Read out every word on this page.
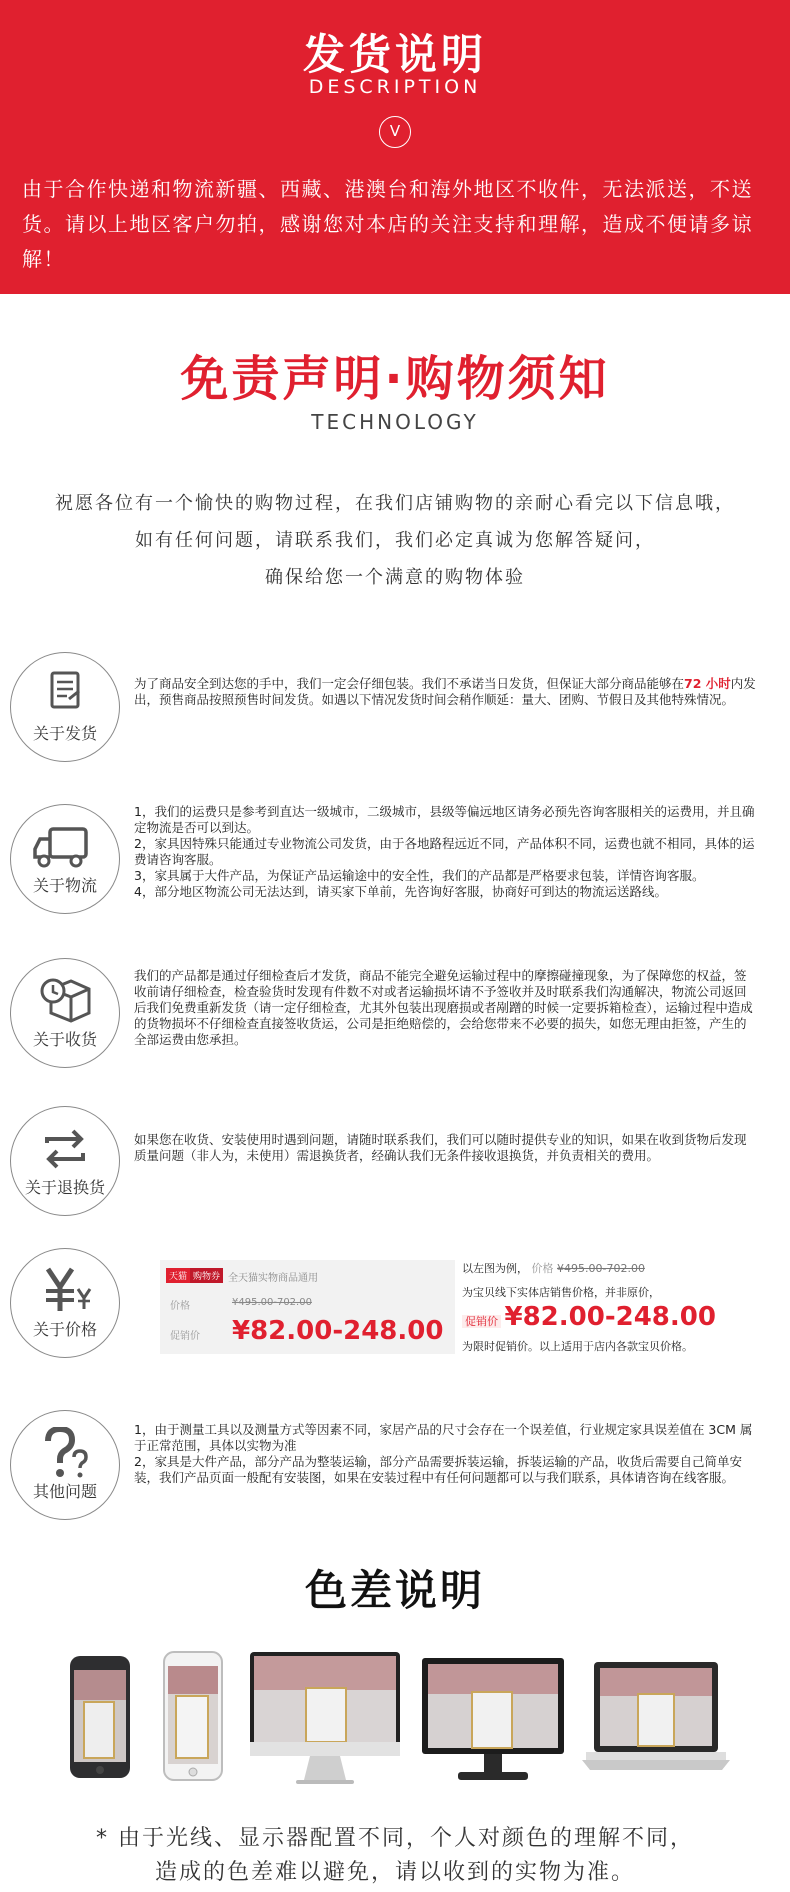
发货说明
DESCRIPTION
V

由于合作快递和物流新疆、西藏、港澳台和海外地区不收件，无法派送，不送货。请以上地区客户勿拍，感谢您对本店的关注支持和理解，造成不便请多谅解！

免责声明·购物须知
TECHNOLOGY
祝愿各位有一个愉快的购物过程，在我们店铺购物的亲耐心看完以下信息哦，
如有任何问题，请联系我们，我们必定真诚为您解答疑问，
确保给您一个满意的购物体验
关于发货

为了商品安全到达您的手中，我们一定会仔细包装。我们不承诺当日发货，但保证大部分商品能够在72 小时内发出，预售商品按照预售时间发货。如遇以下情况发货时间会稍作顺延：量大、团购、节假日及其他特殊情况。

关于物流

1，我们的运费只是参考到直达一级城市，二级城市，县级等偏远地区请务必预先咨询客服相关的运费用，并且确定物流是否可以到达。

2，家具因特殊只能通过专业物流公司发货，由于各地路程远近不同，产品体积不同，运费也就不相同，具体的运费请咨询客服。

3，家具属于大件产品，为保证产品运输途中的安全性，我们的产品都是严格要求包装，详情咨询客服。

4，部分地区物流公司无法达到，请买家下单前，先咨询好客服，协商好可到达的物流运送路线。

关于收货

我们的产品都是通过仔细检查后才发货，商品不能完全避免运输过程中的摩擦碰撞现象，为了保障您的权益，签收前请仔细检查，检查验货时发现有件数不对或者运输损坏请不予签收并及时联系我们沟通解决，物流公司返回后我们免费重新发货（请一定仔细检查，尤其外包装出现磨损或者剐蹭的时候一定要拆箱检查），运输过程中造成的货物损坏不仔细检查直接签收货运，公司是拒绝赔偿的，会给您带来不必要的损失，如您无理由拒签，产生的全部运费由您承担。

关于退换货

如果您在收货、安装使用时遇到问题，请随时联系我们，我们可以随时提供专业的知识，如果在收到货物后发现质量问题（非人为，未使用）需退换货者，经确认我们无条件接收退换货，并负责相关的费用。

关于价格
天猫 购物券 全天猫实物商品通用
价格	¥495.00-702.00
促销价 ¥82.00-248.00
以左图为例， 价格 ¥495.00-702.00
为宝贝线下实体店销售价格，并非原价，
促销价 ¥82.00-248.00
为限时促销价。以上适用于店内各款宝贝价格。
其他问题

1，由于测量工具以及测量方式等因素不同，家居产品的尺寸会存在一个误差值，行业规定家具误差值在 3CM 属于正常范围，具体以实物为准

2，家具是大件产品，部分产品为整装运输，部分产品需要拆装运输，拆装运输的产品，收货后需要自己简单安装，我们产品页面一般配有安装图，如果在安装过程中有任何问题都可以与我们联系，具体请咨询在线客服。

色差说明
* 由于光线、显示器配置不同，个人对颜色的理解不同，
造成的色差难以避免，请以收到的实物为准。
